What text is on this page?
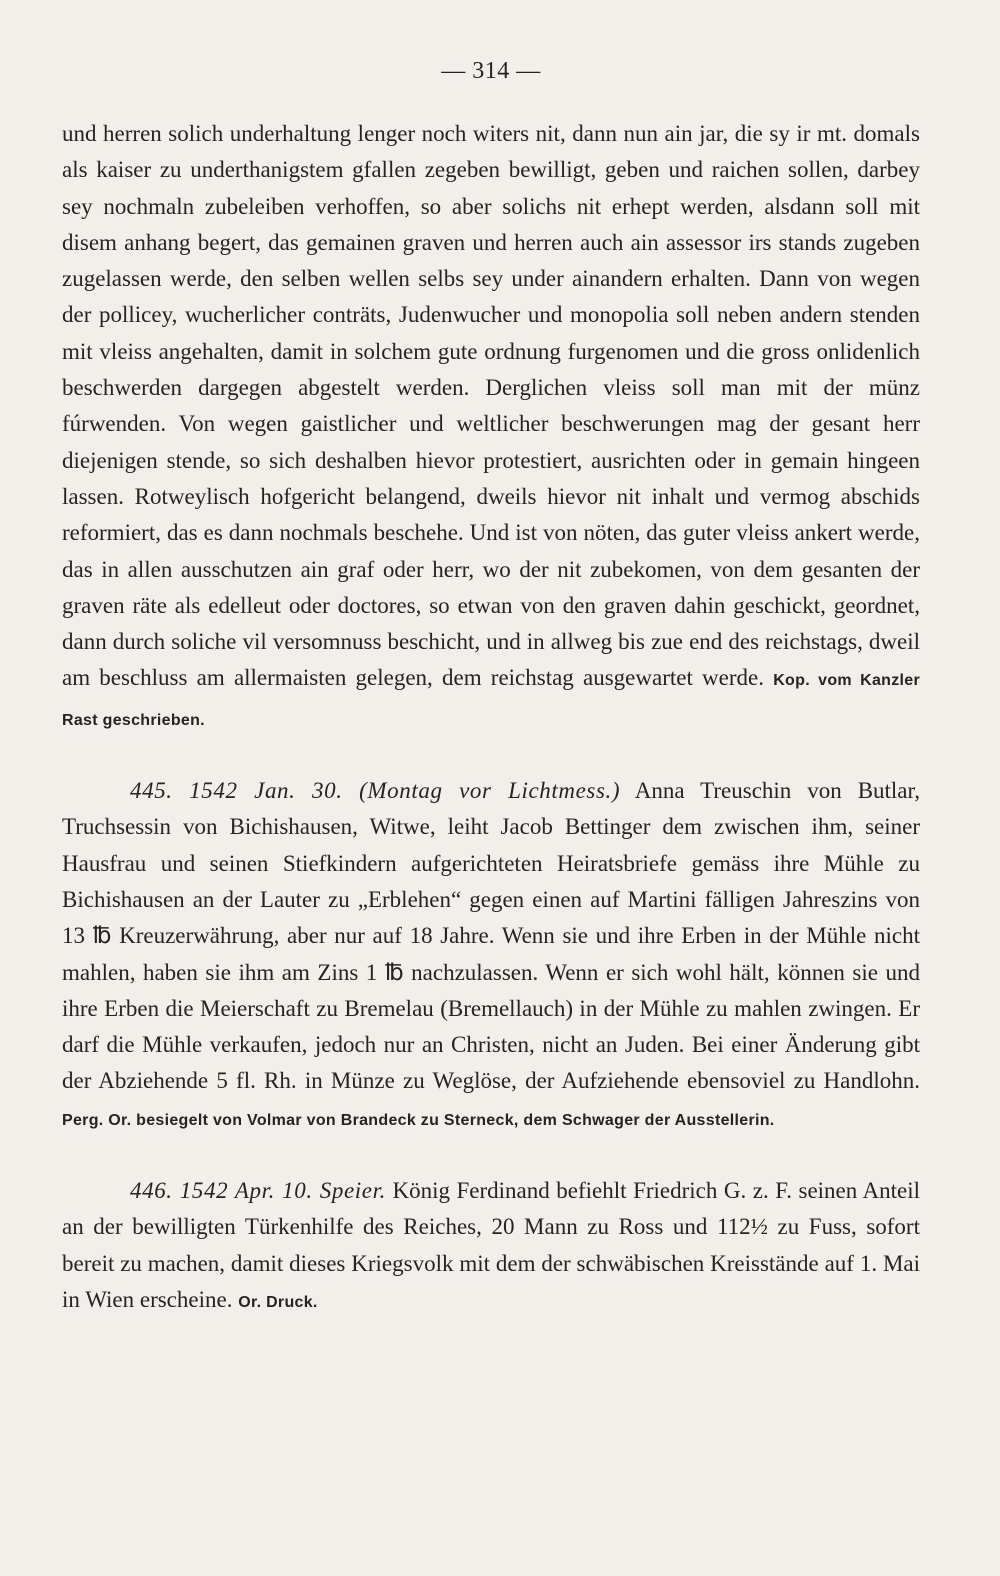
— 314 —

und herren solich underhaltung lenger noch witers nit, dann nun ain jar, die sy ir mt. domals als kaiser zu underthanigstem gfallen zegeben bewilligt, geben und raichen sollen, darbey sey nochmaln zubeleiben verhoffen, so aber solichs nit erhept werden, alsdann soll mit disem anhang begert, das gemainen graven und herren auch ain assessor irs stands zugeben zugelassen werde, den selben wellen selbs sey under ainandern erhalten. Dann von wegen der pollicey, wucherlicher conträts, Judenwucher und monopolia soll neben andern stenden mit vleiss angehalten, damit in solchem gute ordnung furgenomen und die gross onlidenlich beschwerden dargegen abgestelt werden. Derglichen vleiss soll man mit der münz fúrwenden. Von wegen gaistlicher und weltlicher beschwerungen mag der gesant herr diejenigen stende, so sich deshalben hievor protestiert, ausrichten oder in gemain hingeen lassen. Rotweylisch hofgericht belangend, dweils hievor nit inhalt und vermog abschids reformiert, das es dann nochmals beschehe. Und ist von nöten, das guter vleiss ankert werde, das in allen ausschutzen ain graf oder herr, wo der nit zubekomen, von dem gesanten der graven räte als edelleut oder doctores, so etwan von den graven dahin geschickt, geordnet, dann durch soliche vil versomnuss beschicht, und in allweg bis zue end des reichstags, dweil am beschluss am allermaisten gelegen, dem reichstag ausgewartet werde. Kop. vom Kanzler Rast geschrieben.

445. 1542 Jan. 30. (Montag vor Lichtmess.) Anna Treuschin von Butlar, Truchsessin von Bichishausen, Witwe, leiht Jacob Bettinger dem zwischen ihm, seiner Hausfrau und seinen Stiefkindern aufgerichteten Heiratsbriefe gemäss ihre Mühle zu Bichishausen an der Lauter zu „Erblehen“ gegen einen auf Martini fälligen Jahreszins von 13 ℔ Kreuzerwährung, aber nur auf 18 Jahre. Wenn sie und ihre Erben in der Mühle nicht mahlen, haben sie ihm am Zins 1 ℔ nachzulassen. Wenn er sich wohl hält, können sie und ihre Erben die Meierschaft zu Bremelau (Bremellauch) in der Mühle zu mahlen zwingen. Er darf die Mühle verkaufen, jedoch nur an Christen, nicht an Juden. Bei einer Änderung gibt der Abziehende 5 fl. Rh. in Münze zu Weglöse, der Aufziehende ebensoviel zu Handlohn. Perg. Or. besiegelt von Volmar von Brandeck zu Sterneck, dem Schwager der Ausstellerin.

446. 1542 Apr. 10. Speier. König Ferdinand befiehlt Friedrich G. z. F. seinen Anteil an der bewilligten Türkenhilfe des Reiches, 20 Mann zu Ross und 112½ zu Fuss, sofort bereit zu machen, damit dieses Kriegsvolk mit dem der schwäbischen Kreisstände auf 1. Mai in Wien erscheine. Or. Druck.
